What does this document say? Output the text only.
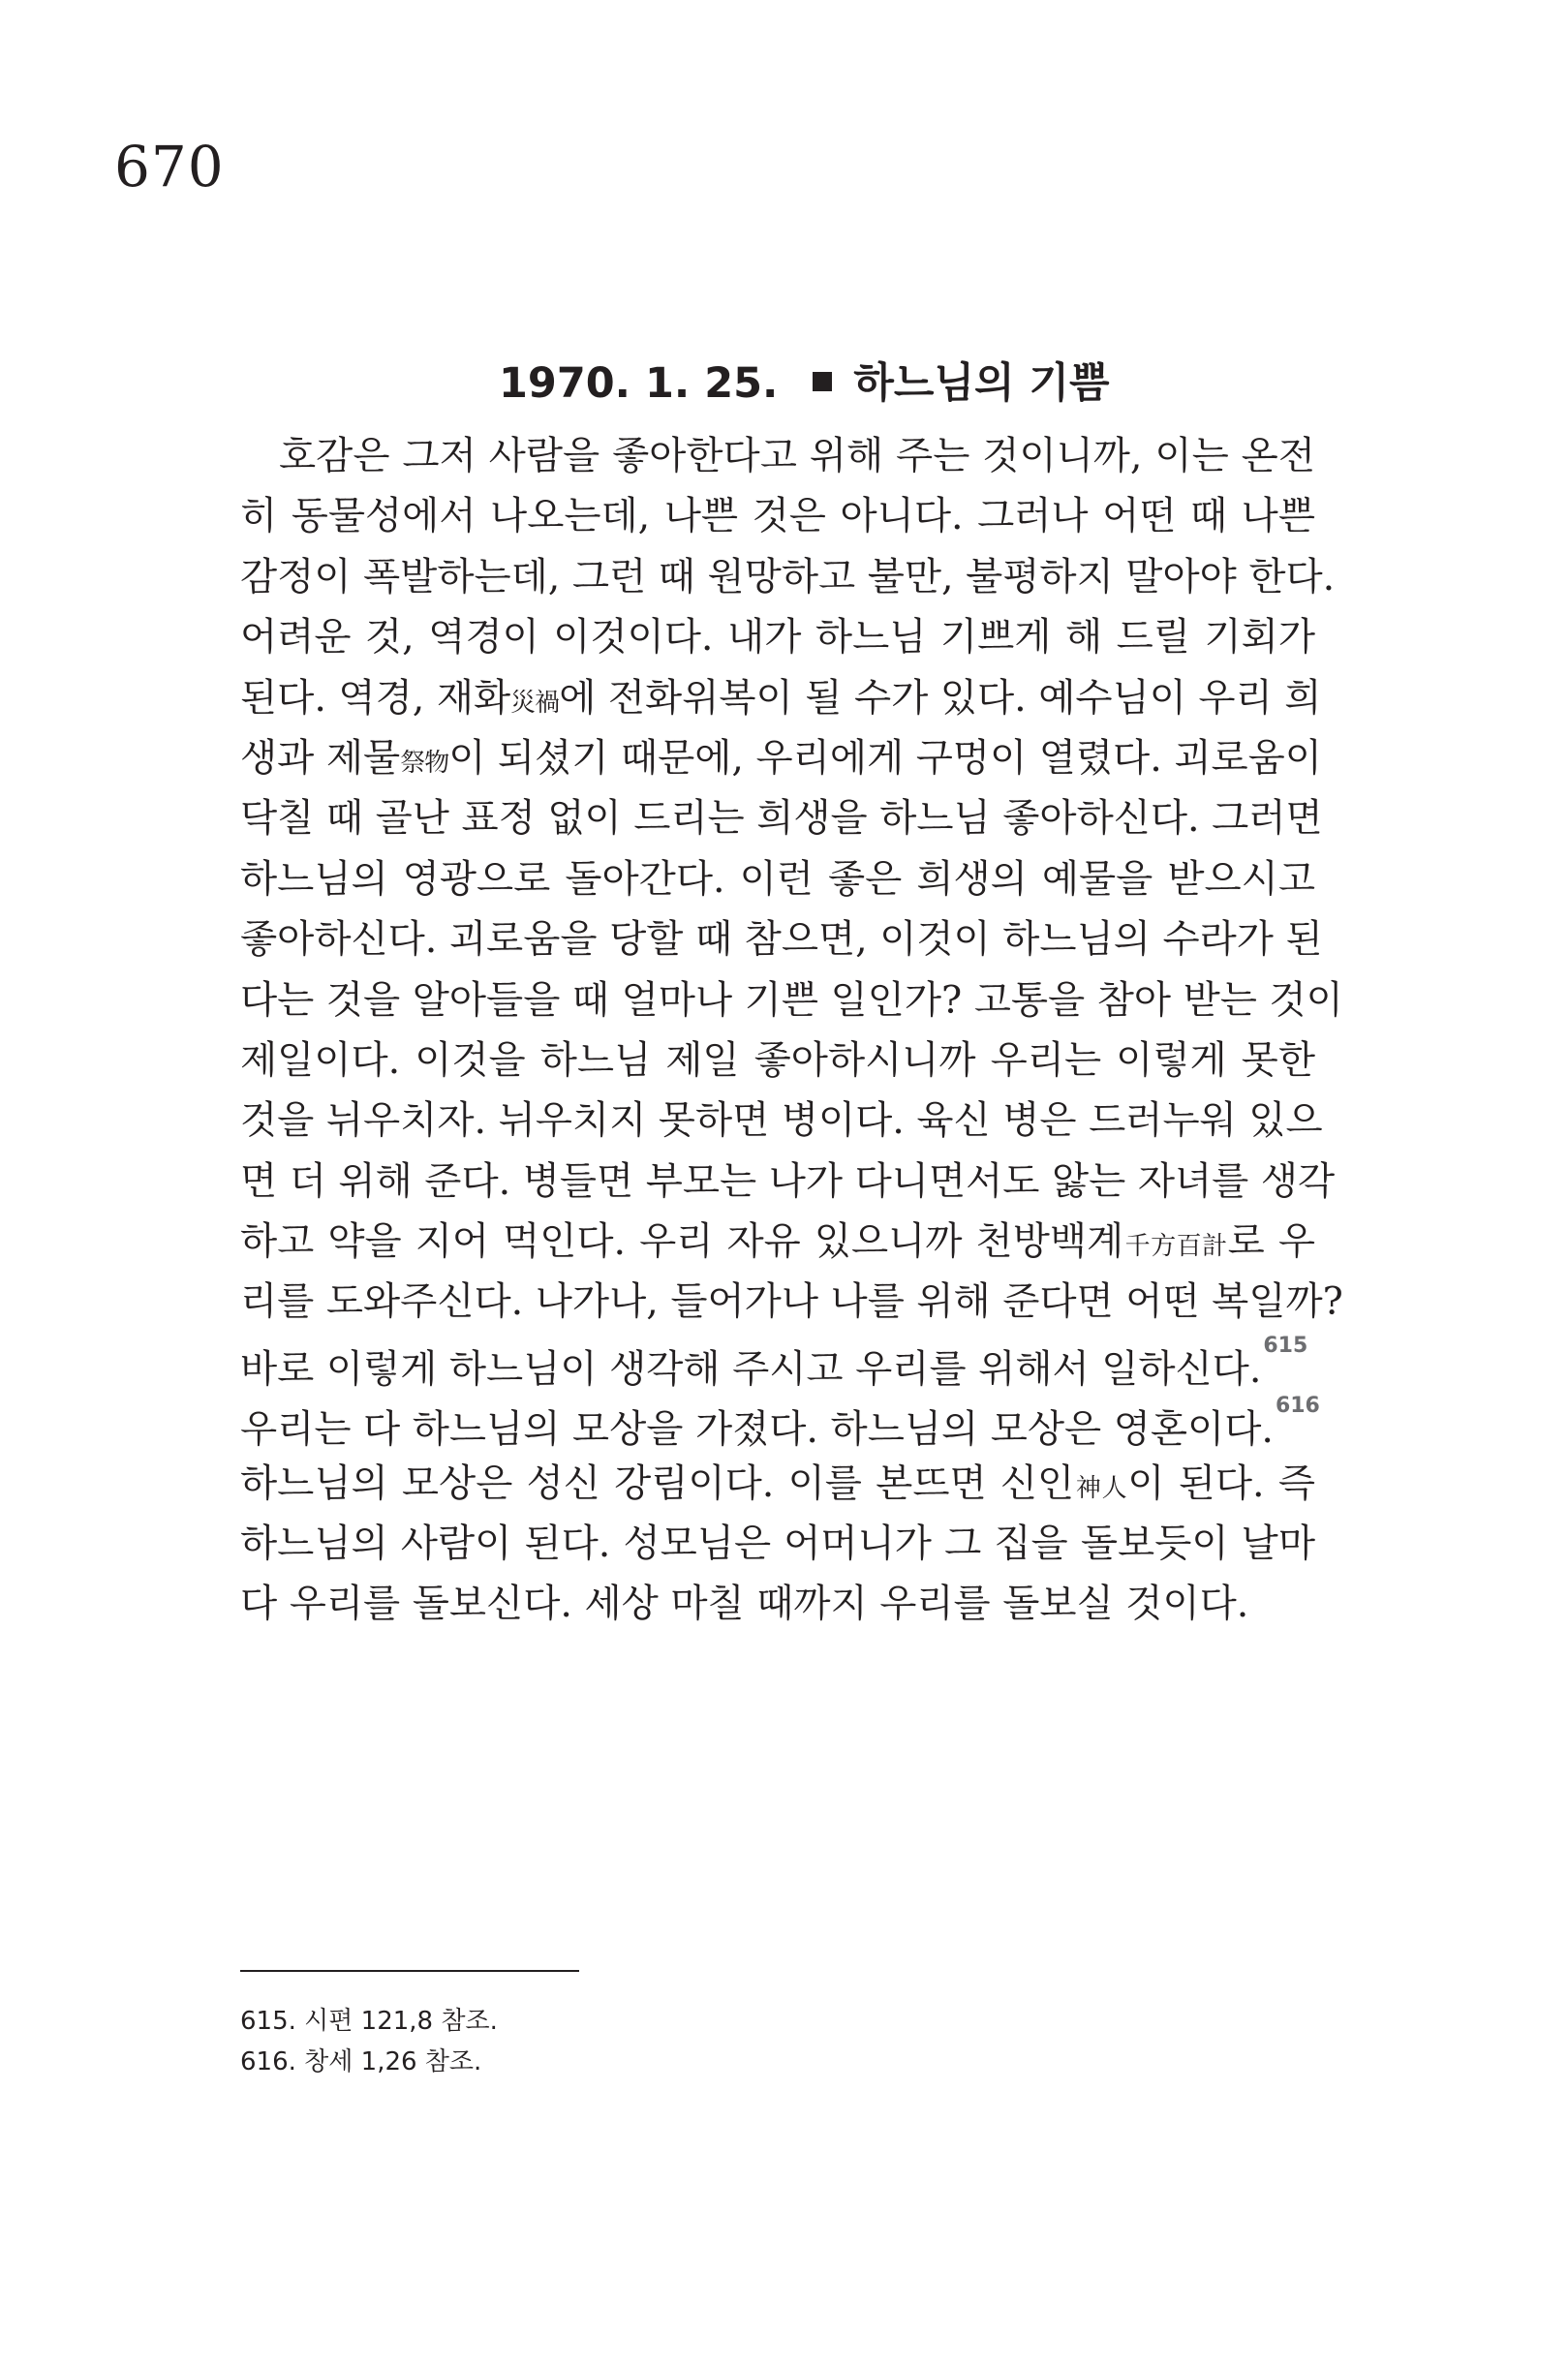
670
1970. 1. 25. 하느님의 기쁨
호감은 그저 사람을 좋아한다고 위해 주는 것이니까, 이는 온전
히 동물성에서 나오는데, 나쁜 것은 아니다. 그러나 어떤 때 나쁜
감정이 폭발하는데, 그런 때 원망하고 불만, 불평하지 말아야 한다.
어려운 것, 역경이 이것이다. 내가 하느님 기쁘게 해 드릴 기회가
된다. 역경, 재화災禍에 전화위복이 될 수가 있다. 예수님이 우리 희
생과 제물祭物이 되셨기 때문에, 우리에게 구멍이 열렸다. 괴로움이
닥칠 때 골난 표정 없이 드리는 희생을 하느님 좋아하신다. 그러면
하느님의 영광으로 돌아간다. 이런 좋은 희생의 예물을 받으시고
좋아하신다. 괴로움을 당할 때 참으면, 이것이 하느님의 수라가 된
다는 것을 알아들을 때 얼마나 기쁜 일인가? 고통을 참아 받는 것이
제일이다. 이것을 하느님 제일 좋아하시니까 우리는 이렇게 못한
것을 뉘우치자. 뉘우치지 못하면 병이다. 육신 병은 드러누워 있으
면 더 위해 준다. 병들면 부모는 나가 다니면서도 앓는 자녀를 생각
하고 약을 지어 먹인다. 우리 자유 있으니까 천방백계千方百計로 우
리를 도와주신다. 나가나, 들어가나 나를 위해 준다면 어떤 복일까?
바로 이렇게 하느님이 생각해 주시고 우리를 위해서 일하신다.$^{615}$
우리는 다 하느님의 모상을 가졌다. 하느님의 모상은 영혼이다.$^{616}$
하느님의 모상은 성신 강림이다. 이를 본뜨면 신인神人이 된다. 즉
하느님의 사람이 된다. 성모님은 어머니가 그 집을 돌보듯이 날마
다 우리를 돌보신다. 세상 마칠 때까지 우리를 돌보실 것이다.
615. 시편 121,8 참조.
616. 창세 1,26 참조.
